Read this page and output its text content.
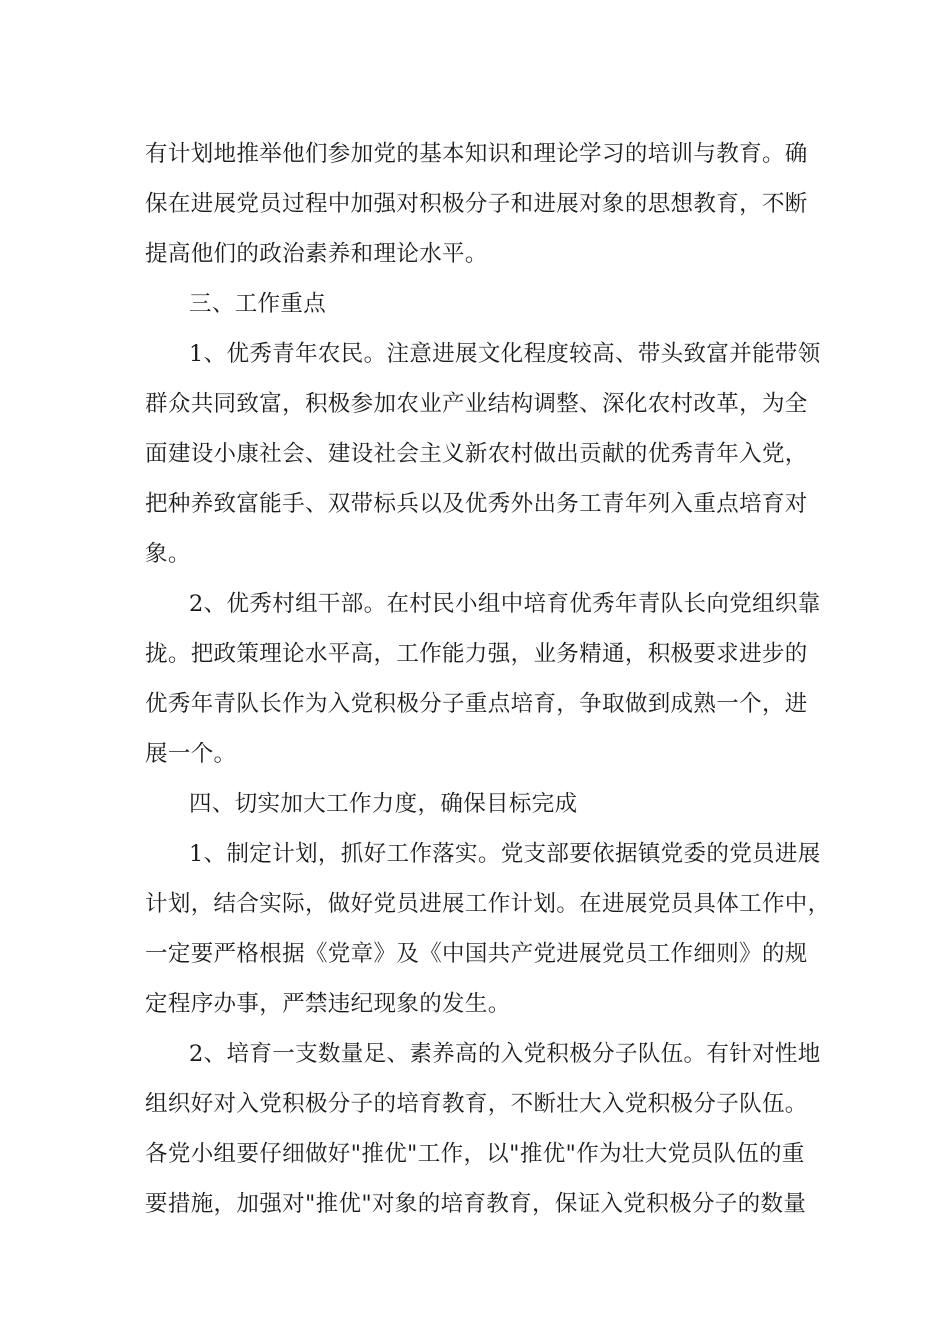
有计划地推举他们参加党的基本知识和理论学习的培训与教育。确
保在进展党员过程中加强对积极分子和进展对象的思想教育，不断
提高他们的政治素养和理论水平。
三、工作重点
1、优秀青年农民。注意进展文化程度较高、带头致富并能带领
群众共同致富，积极参加农业产业结构调整、深化农村改革，为全
面建设小康社会、建设社会主义新农村做出贡献的优秀青年入党，
把种养致富能手、双带标兵以及优秀外出务工青年列入重点培育对
象。
2、优秀村组干部。在村民小组中培育优秀年青队长向党组织靠
拢。把政策理论水平高，工作能力强，业务精通，积极要求进步的
优秀年青队长作为入党积极分子重点培育，争取做到成熟一个，进
展一个。
四、切实加大工作力度，确保目标完成
1、制定计划，抓好工作落实。党支部要依据镇党委的党员进展
计划，结合实际，做好党员进展工作计划。在进展党员具体工作中，
一定要严格根据《党章》及《中国共产党进展党员工作细则》的规
定程序办事，严禁违纪现象的发生。
2、培育一支数量足、素养高的入党积极分子队伍。有针对性地
组织好对入党积极分子的培育教育，不断壮大入党积极分子队伍。
各党小组要仔细做好"推优"工作，以"推优"作为壮大党员队伍的重
要措施，加强对"推优"对象的培育教育，保证入党积极分子的数量
